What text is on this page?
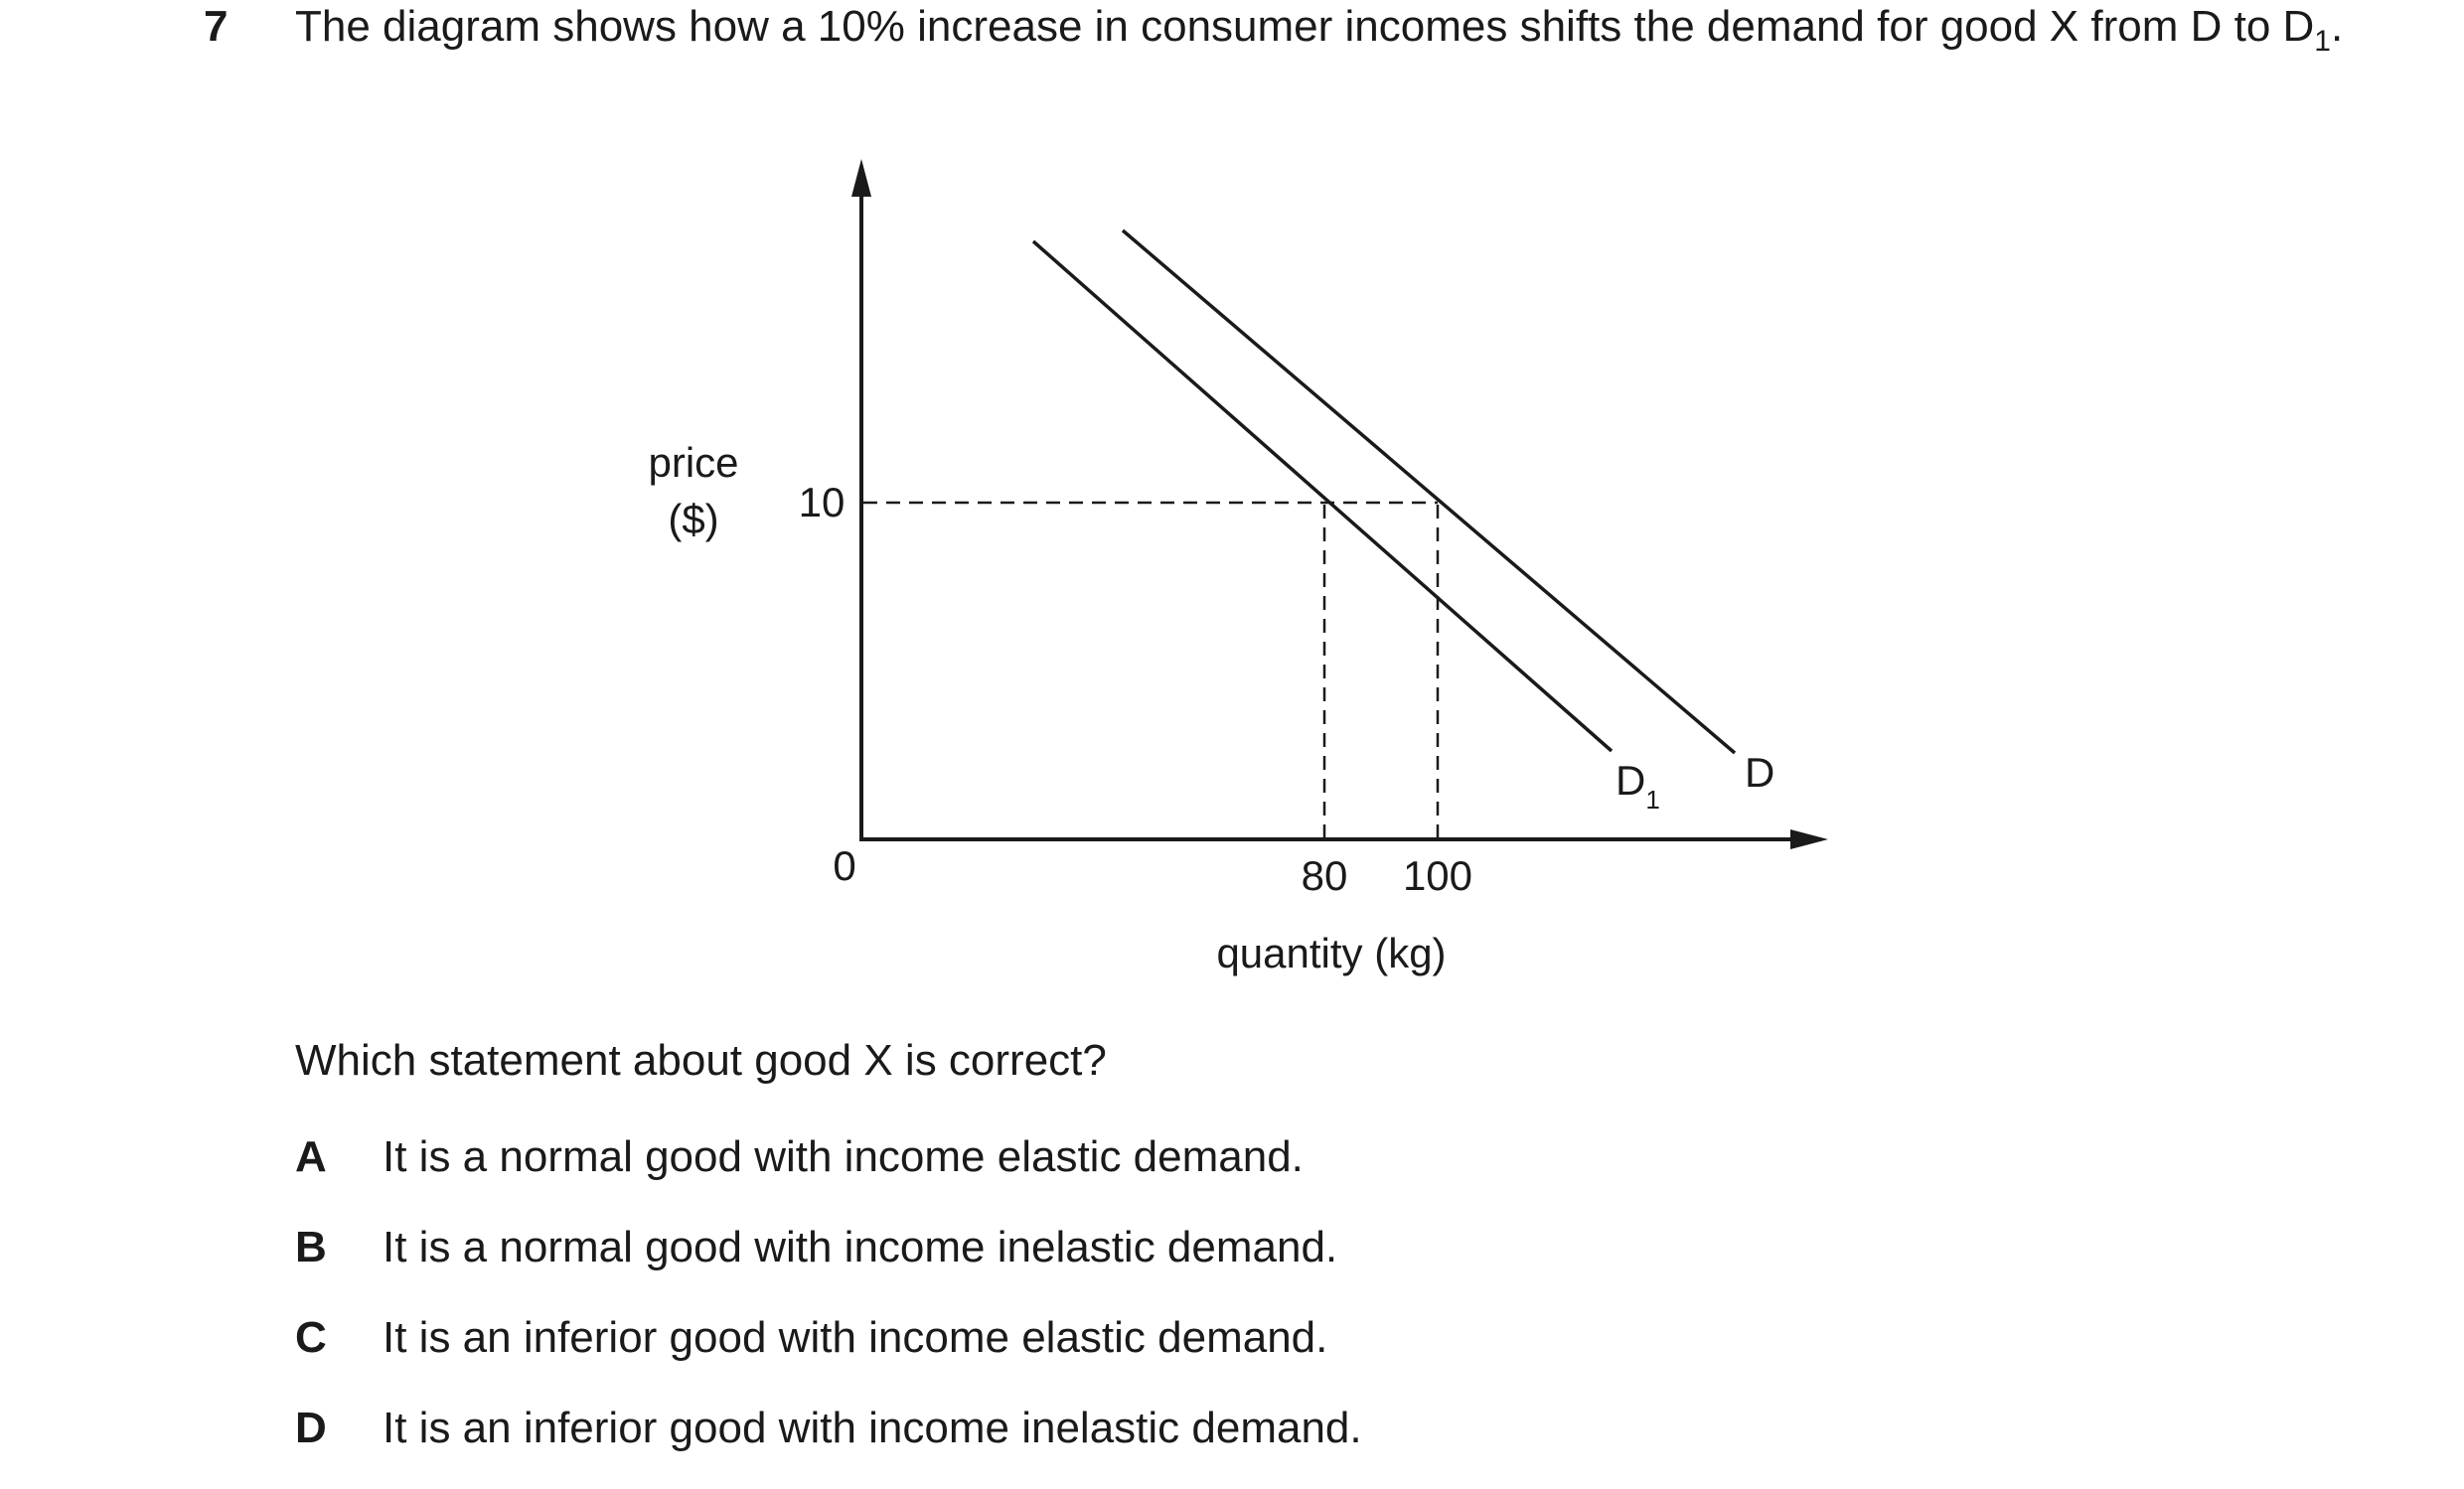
7 The diagram shows how a 10% increase in consumer incomes shifts the demand for good X from D to $D_1$.
price
($) 10
0	80 100
quantity (kg)
$D_1$
D
Which statement about good X is correct?
A It is a normal good with income elastic demand.
B It is a normal good with income inelastic demand.
C It is an inferior good with income elastic demand.
D It is an inferior good with income inelastic demand.
